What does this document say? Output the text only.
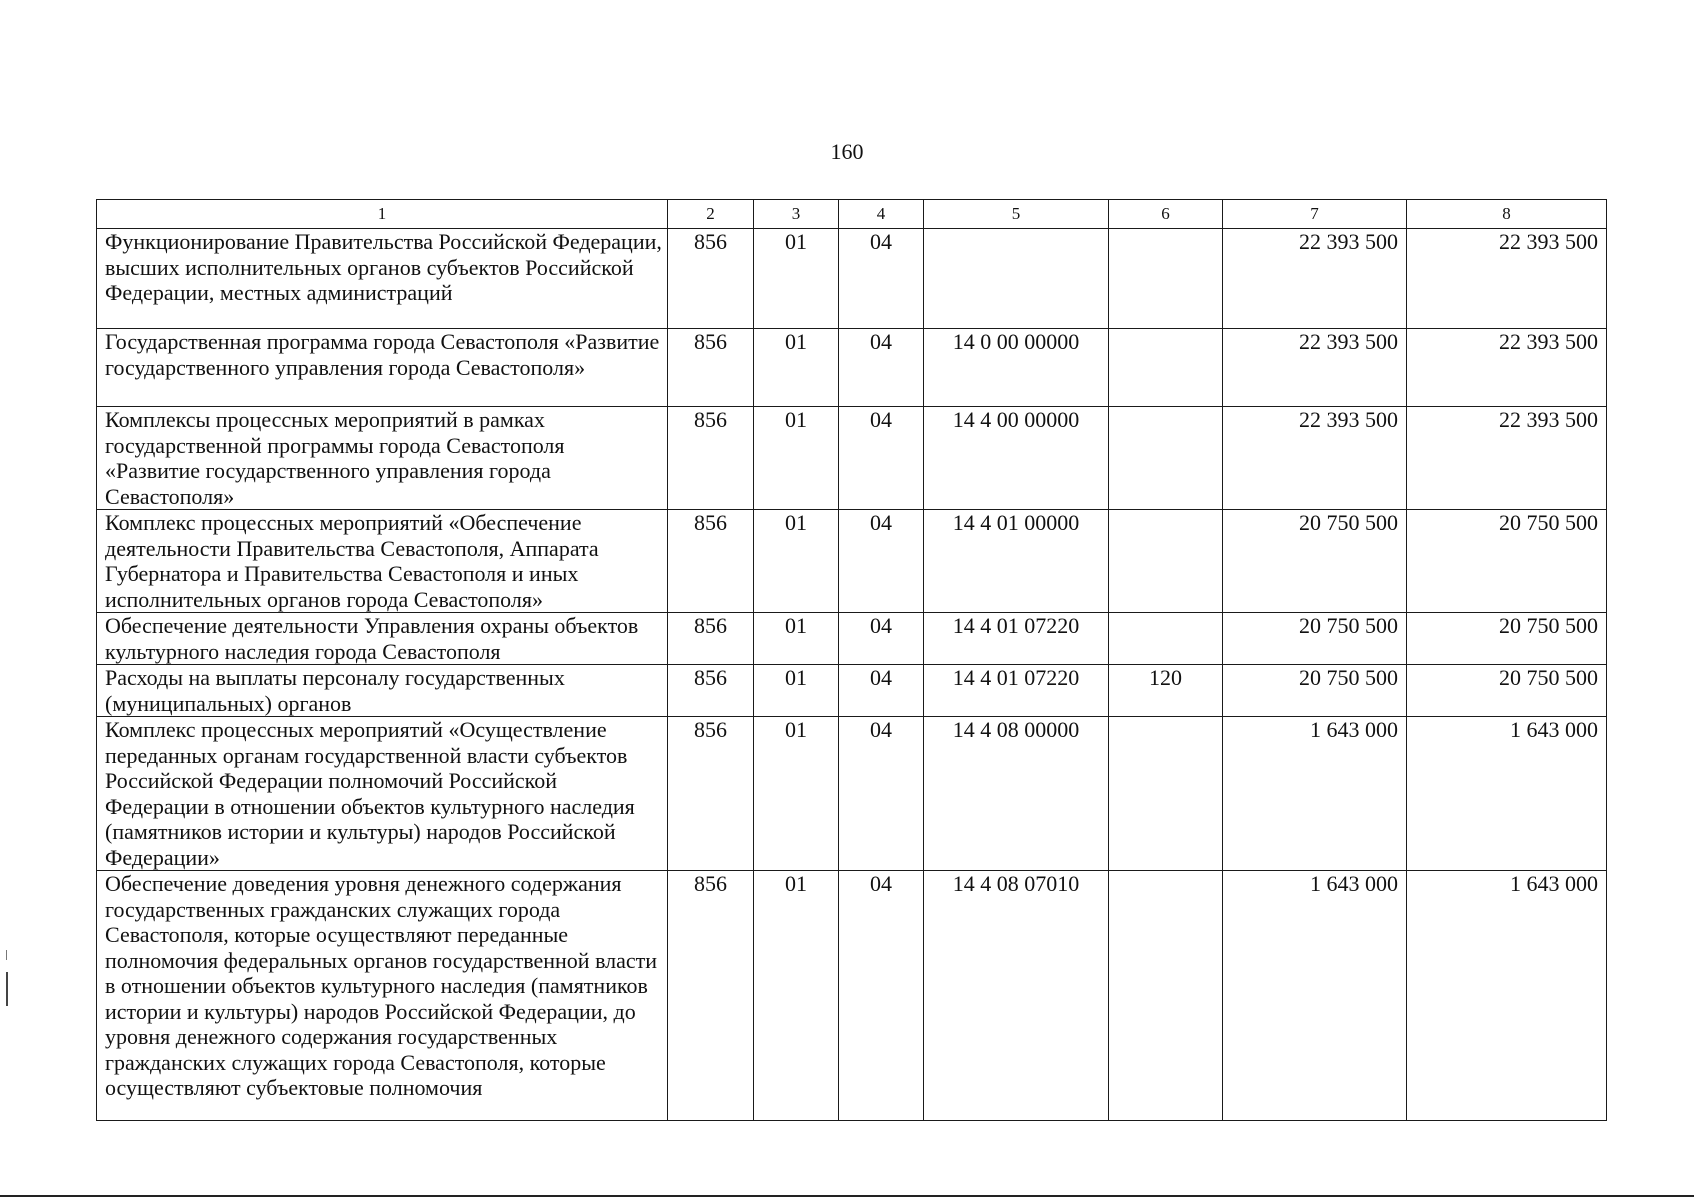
160
1	2	3	4	5	6	7	8
Функционирование Правительства Российской Федерации, высших исполнительных органов субъектов Российской Федерации, местных администраций	856	01	04			22 393 500	22 393 500
Государственная программа города Севастополя «Развитие государственного управления города Севастополя»	856	01	04	14 0 00 00000		22 393 500	22 393 500
Комплексы процессных мероприятий в рамках государственной программы города Севастополя «Развитие государственного управления города Севастополя»	856	01	04	14 4 00 00000		22 393 500	22 393 500
Комплекс процессных мероприятий «Обеспечение деятельности Правительства Севастополя, Аппарата Губернатора и Правительства Севастополя и иных исполнительных органов города Севастополя»	856	01	04	14 4 01 00000		20 750 500	20 750 500
Обеспечение деятельности Управления охраны объектов культурного наследия города Севастополя	856	01	04	14 4 01 07220		20 750 500	20 750 500
Расходы на выплаты персоналу государственных (муниципальных) органов	856	01	04	14 4 01 07220	120	20 750 500	20 750 500
Комплекс процессных мероприятий «Осуществление переданных органам государственной власти субъектов Российской Федерации полномочий Российской Федерации в отношении объектов культурного наследия (памятников истории и культуры) народов Российской Федерации»	856	01	04	14 4 08 00000		1 643 000	1 643 000
Обеспечение доведения уровня денежного содержания государственных гражданских служащих города Севастополя, которые осуществляют переданные полномочия федеральных органов государственной власти в отношении объектов культурного наследия (памятников истории и культуры) народов Российской Федерации, до уровня денежного содержания государственных гражданских служащих города Севастополя, которые осуществляют субъектовые полномочия	856	01	04	14 4 08 07010		1 643 000	1 643 000
